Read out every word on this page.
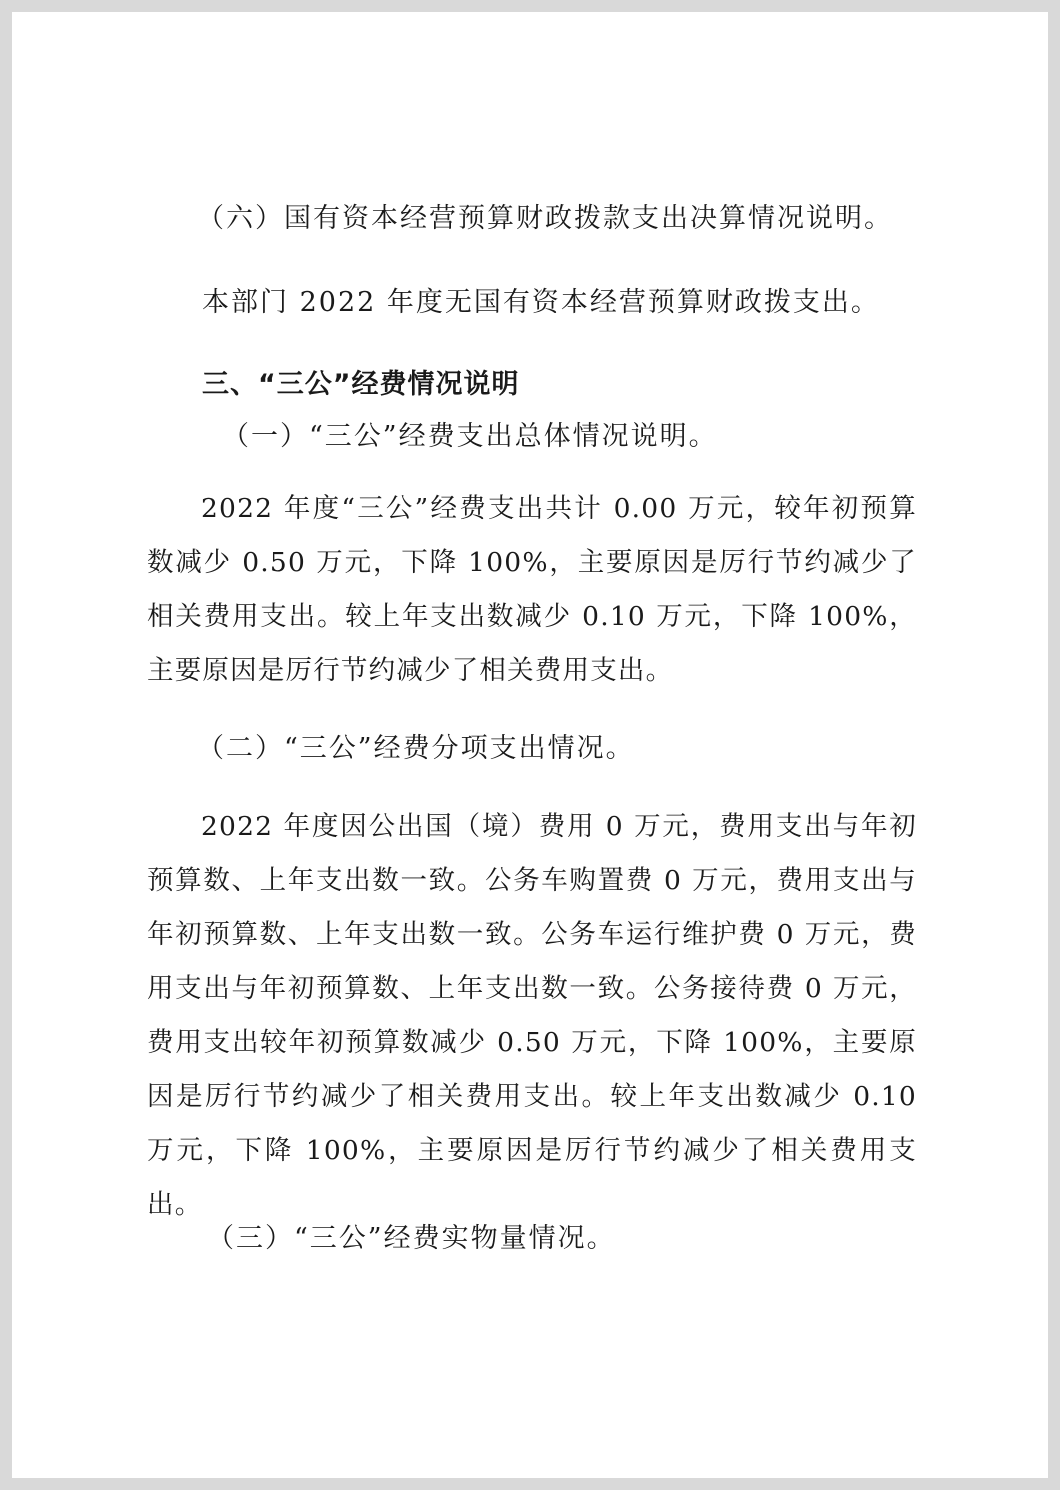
（六）国有资本经营预算财政拨款支出决算情况说明。
本部门 2022 年度无国有资本经营预算财政拨支出。
三、“三公”经费情况说明
（一）“三公”经费支出总体情况说明。
2022 年度“三公”经费支出共计 0.00 万元，较年初预算数减少 0.50 万元，下降 100%，主要原因是厉行节约减少了相关费用支出。较上年支出数减少 0.10 万元，下降 100%，主要原因是厉行节约减少了相关费用支出。
（二）“三公”经费分项支出情况。
2022 年度因公出国（境）费用 0 万元，费用支出与年初预算数、上年支出数一致。公务车购置费 0 万元，费用支出与年初预算数、上年支出数一致。公务车运行维护费 0 万元，费用支出与年初预算数、上年支出数一致。公务接待费 0 万元，费用支出较年初预算数减少 0.50 万元，下降 100%，主要原因是厉行节约减少了相关费用支出。较上年支出数减少 0.10 万元，下降 100%，主要原因是厉行节约减少了相关费用支出。
（三）“三公”经费实物量情况。
